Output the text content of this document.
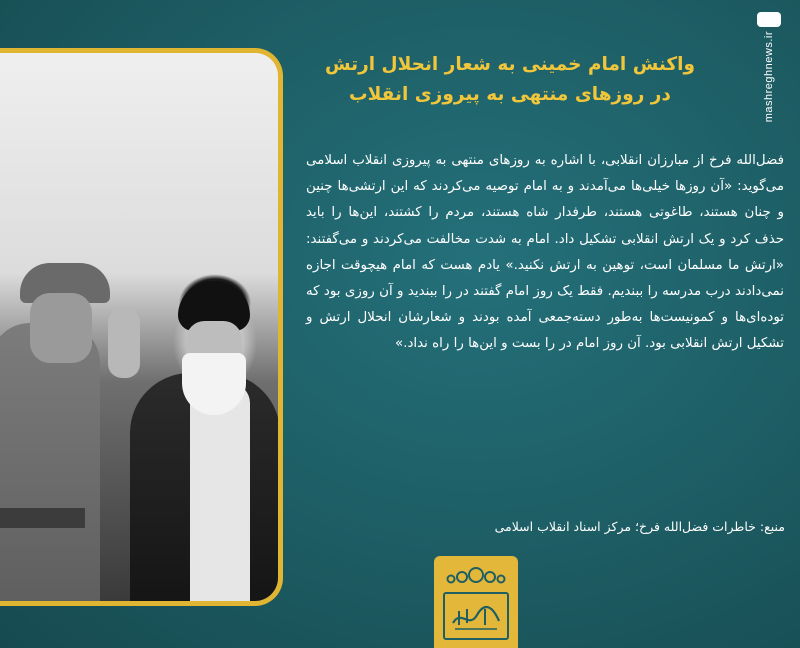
mashreghnews.ir
واکنش امام خمینی به شعار انحلال ارتش
در روزهای منتهی به پیروزی انقلاب

فضل‌الله فرخ از مبارزان انقلابی، با اشاره به روزهای منتهی به پیروزی انقلاب اسلامی می‌گوید: «آن روزها خیلی‌ها می‌آمدند و به امام توصیه می‌کردند که این ارتشی‌ها چنین و چنان هستند، طاغوتی هستند، طرفدار شاه هستند، مردم را کشتند، این‌ها را باید حذف کرد و یک ارتش انقلابی تشکیل داد. امام به شدت مخالفت می‌کردند و می‌گفتند: «ارتش ما مسلمان است، توهین به ارتش نکنید.» یادم هست که امام هیچوقت اجازه نمی‌دادند درب مدرسه را ببندیم. فقط یک روز امام گفتند در را ببندید و آن روزی بود که توده‌ای‌ها و کمونیست‌ها به‌طور دسته‌جمعی آمده بودند و شعارشان انحلال ارتش و تشکیل ارتش انقلابی بود. آن روز امام در را بست و این‌ها را راه نداد.»

منبع: خاطرات فضل‌الله فرخ؛ مرکز اسناد انقلاب اسلامی
